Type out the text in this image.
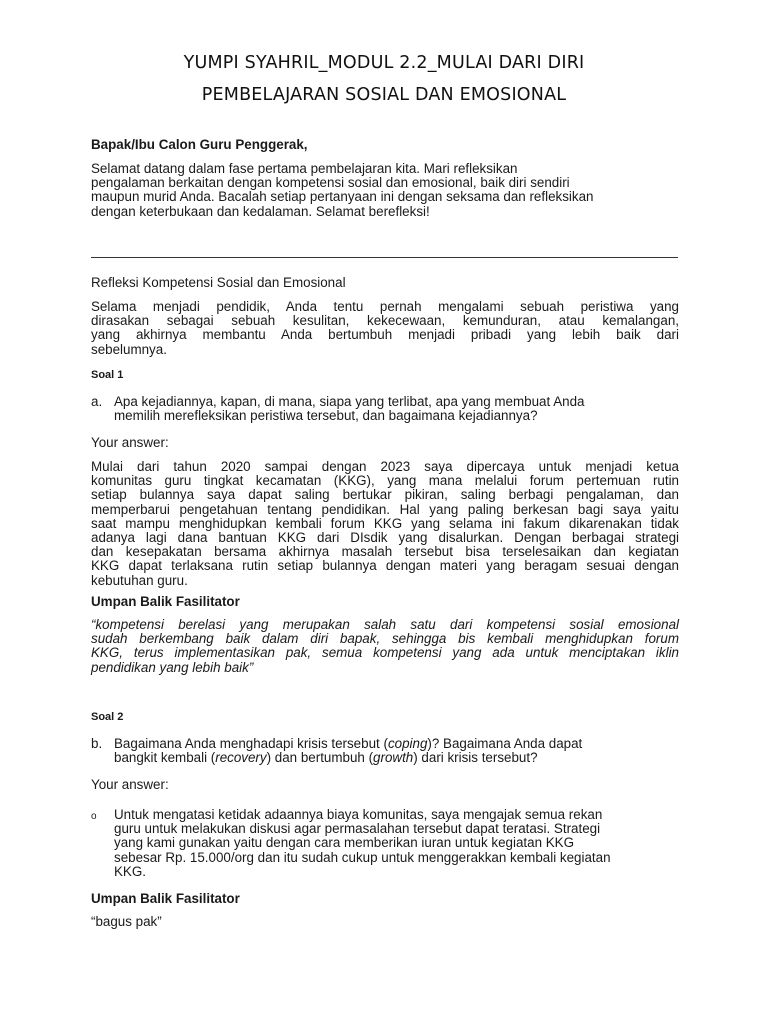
YUMPI SYAHRIL_MODUL 2.2_MULAI DARI DIRI
PEMBELAJARAN SOSIAL DAN EMOSIONAL
Bapak/Ibu Calon Guru Penggerak,
Selamat datang dalam fase pertama pembelajaran kita. Mari refleksikan
pengalaman berkaitan dengan kompetensi sosial dan emosional, baik diri sendiri
maupun murid Anda. Bacalah setiap pertanyaan ini dengan seksama dan refleksikan
dengan keterbukaan dan kedalaman. Selamat berefleksi!
Refleksi Kompetensi Sosial dan Emosional
Selama menjadi pendidik, Anda tentu pernah mengalami sebuah peristiwa yang
dirasakan sebagai sebuah kesulitan, kekecewaan, kemunduran, atau kemalangan,
yang akhirnya membantu Anda bertumbuh menjadi pribadi yang lebih baik dari
sebelumnya.
Soal 1
a. Apa kejadiannya, kapan, di mana, siapa yang terlibat, apa yang membuat Anda
memilih merefleksikan peristiwa tersebut, dan bagaimana kejadiannya?
Your answer:
Mulai dari tahun 2020 sampai dengan 2023 saya dipercaya untuk menjadi ketua
komunitas guru tingkat kecamatan (KKG), yang mana melalui forum pertemuan rutin
setiap bulannya saya dapat saling bertukar pikiran, saling berbagi pengalaman, dan
memperbarui pengetahuan tentang pendidikan. Hal yang paling berkesan bagi saya yaitu
saat mampu menghidupkan kembali forum KKG yang selama ini fakum dikarenakan tidak
adanya lagi dana bantuan KKG dari DIsdik yang disalurkan. Dengan berbagai strategi
dan kesepakatan bersama akhirnya masalah tersebut bisa terselesaikan dan kegiatan
KKG dapat terlaksana rutin setiap bulannya dengan materi yang beragam sesuai dengan
kebutuhan guru.
Umpan Balik Fasilitator
“kompetensi berelasi yang merupakan salah satu dari kompetensi sosial emosional
sudah berkembang baik dalam diri bapak, sehingga bis kembali menghidupkan forum
KKG, terus implementasikan pak, semua kompetensi yang ada untuk menciptakan iklin
pendidikan yang lebih baik”
Soal 2
b. Bagaimana Anda menghadapi krisis tersebut (coping)? Bagaimana Anda dapat
bangkit kembali (recovery) dan bertumbuh (growth) dari krisis tersebut?
Your answer:
o Untuk mengatasi ketidak adaannya biaya komunitas, saya mengajak semua rekan
guru untuk melakukan diskusi agar permasalahan tersebut dapat teratasi. Strategi
yang kami gunakan yaitu dengan cara memberikan iuran untuk kegiatan KKG
sebesar Rp. 15.000/org dan itu sudah cukup untuk menggerakkan kembali kegiatan
KKG.
Umpan Balik Fasilitator
“bagus pak”
